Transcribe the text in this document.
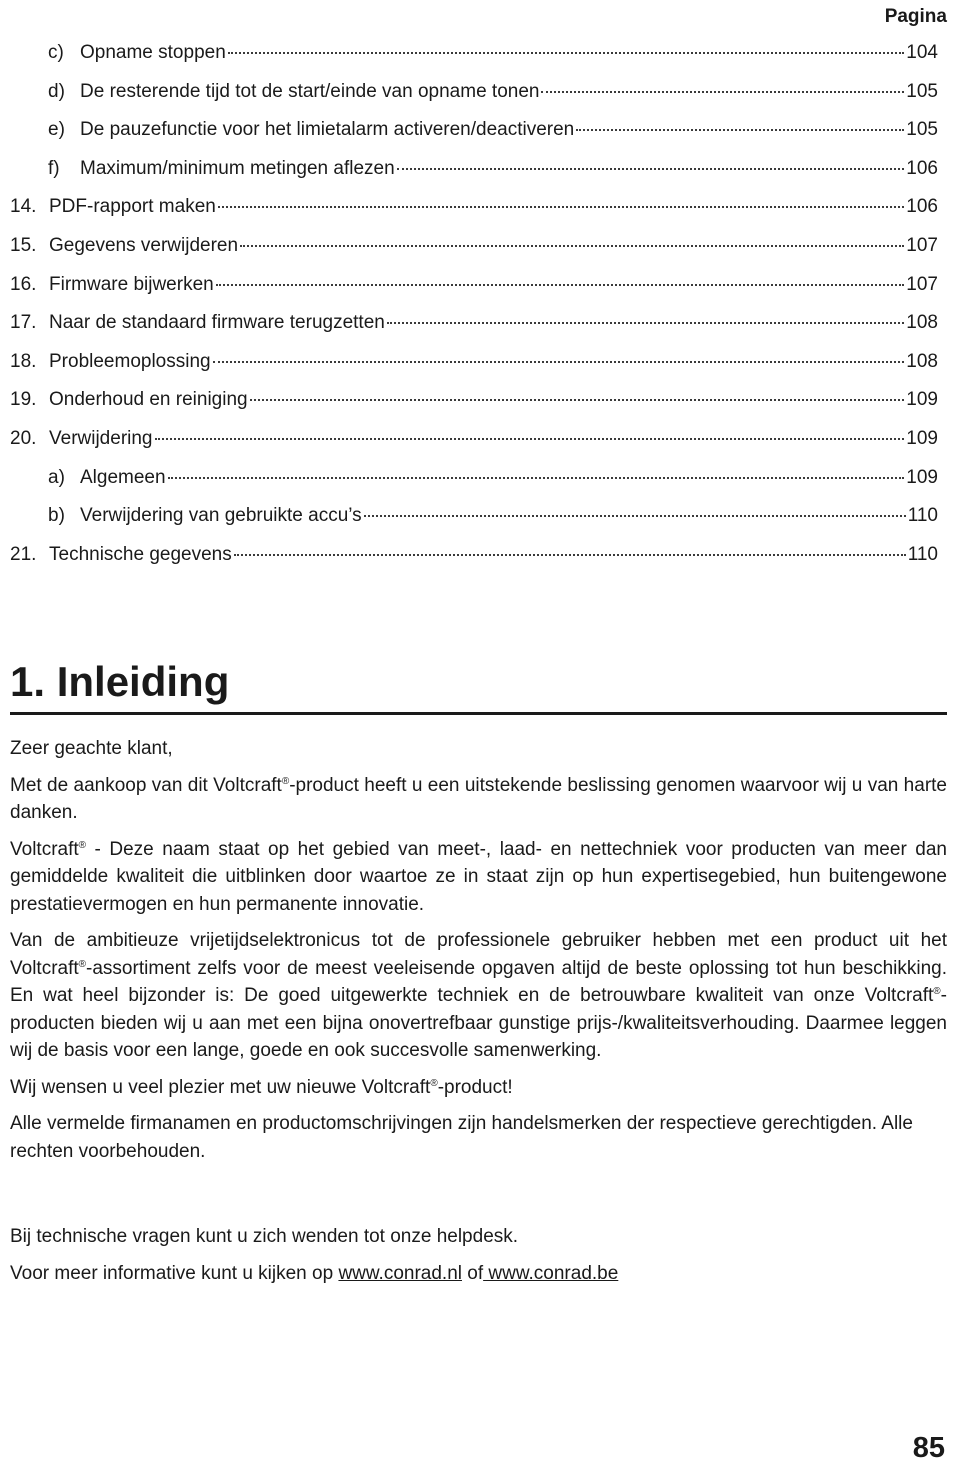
Pagina
c) Opname stoppen	104
d) De resterende tijd tot de start/einde van opname tonen	105
e) De pauzefunctie voor het limietalarm activeren/deactiveren	105
f)	Maximum/minimum metingen aflezen	106
14. PDF-rapport maken	106
15. Gegevens verwijderen	107
16. Firmware bijwerken	107
17. Naar de standaard firmware terugzetten	108
18. Probleemoplossing	108
19. Onderhoud en reiniging	109
20. Verwijdering	109
a) Algemeen	109
b) Verwijdering van gebruikte accu’s	110
21. Technische gegevens	110
1. Inleiding

Zeer geachte klant,

Met de aankoop van dit Voltcraft®-product heeft u een uitstekende beslissing genomen waarvoor wij u van harte danken.

Voltcraft® - Deze naam staat op het gebied van meet-, laad- en nettechniek voor producten van meer dan gemiddelde kwaliteit die uitblinken door waartoe ze in staat zijn op hun expertisegebied, hun buitengewone prestatievermogen en hun permanente innovatie.

Van de ambitieuze vrijetijdselektronicus tot de professionele gebruiker hebben met een product uit het Voltcraft®-assortiment zelfs voor de meest veeleisende opgaven altijd de beste oplossing tot hun beschikking. En wat heel bijzonder is: De goed uitgewerkte techniek en de betrouwbare kwaliteit van onze Voltcraft®-producten bieden wij u aan met een bijna onovertrefbaar gunstige prijs-/kwaliteitsverhouding. Daarmee leggen wij de basis voor een lange, goede en ook succesvolle samenwerking.

Wij wensen u veel plezier met uw nieuwe Voltcraft®-product!

Alle vermelde firmanamen en productomschrijvingen zijn handelsmerken der respectieve gerechtigden. Alle rechten voorbehouden.

Bij technische vragen kunt u zich wenden tot onze helpdesk.

Voor meer informative kunt u kijken op www.conrad.nl of www.conrad.be

85
